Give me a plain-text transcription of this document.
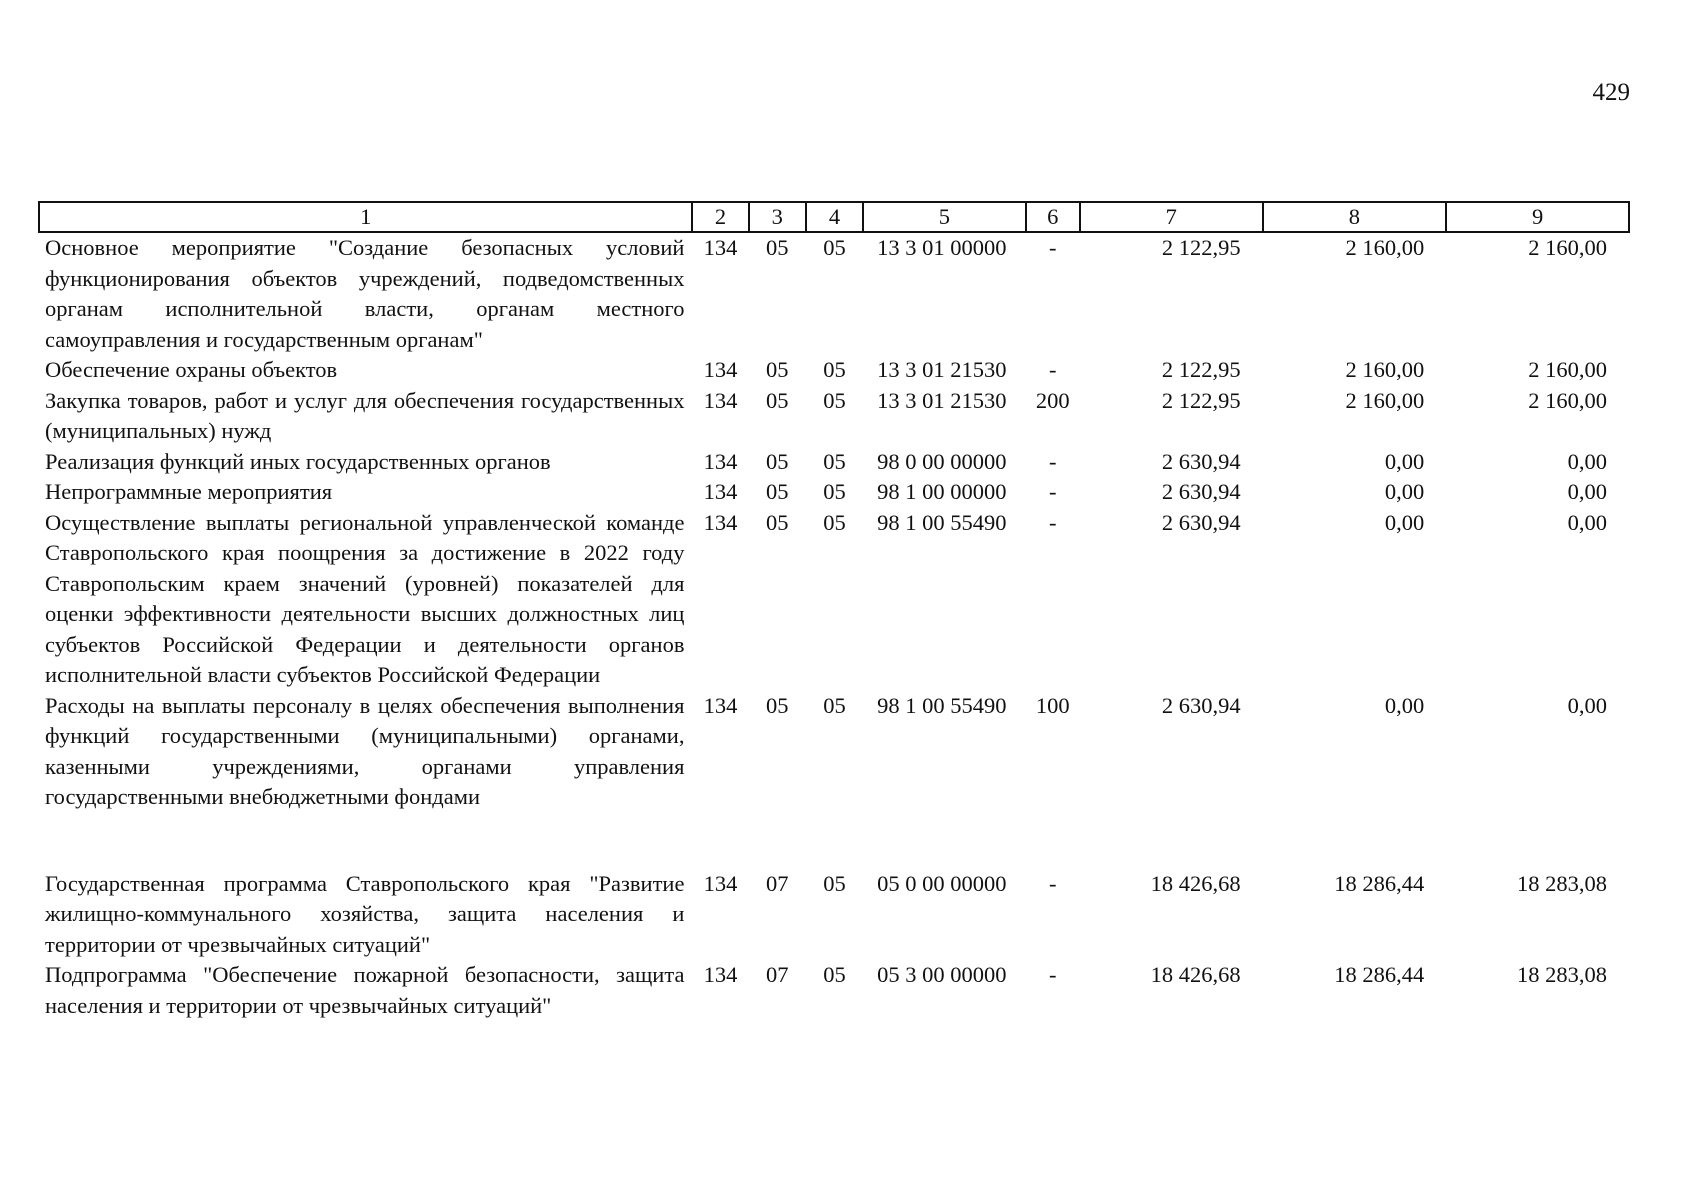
429
1	2	3	4	5	6	7	8	9
Основное мероприятие "Создание безопасных условий функционирования объектов учреждений, подведомственных органам исполнительной власти, органам местного самоуправления и государственным органам"	134	05	05	13 3 01 00000	-	2 122,95	2 160,00	2 160,00
Обеспечение охраны объектов	134	05	05	13 3 01 21530	-	2 122,95	2 160,00	2 160,00
Закупка товаров, работ и услуг для обеспечения государственных (муниципальных) нужд	134	05	05	13 3 01 21530	200	2 122,95	2 160,00	2 160,00
Реализация функций иных государственных органов	134	05	05	98 0 00 00000	-	2 630,94	0,00	0,00
Непрограммные мероприятия	134	05	05	98 1 00 00000	-	2 630,94	0,00	0,00
Осуществление выплаты региональной управленческой команде Ставропольского края поощрения за достижение в 2022 году Ставропольским краем значений (уровней) показателей для оценки эффективности деятельности высших должностных лиц субъектов Российской Федерации и деятельности органов исполнительной власти субъектов Российской Федерации	134	05	05	98 1 00 55490	-	2 630,94	0,00	0,00
Расходы на выплаты персоналу в целях обеспечения выполнения функций государственными (муниципальными) органами, казенными учреждениями, органами управления государственными внебюджетными фондами	134	05	05	98 1 00 55490	100	2 630,94	0,00	0,00

Государственная программа Ставропольского края "Развитие жилищно-коммунального хозяйства, защита населения и территории от чрезвычайных ситуаций"	134	07	05	05 0 00 00000	-	18 426,68	18 286,44	18 283,08
Подпрограмма "Обеспечение пожарной безопасности, защита населения и территории от чрезвычайных ситуаций"	134	07	05	05 3 00 00000	-	18 426,68	18 286,44	18 283,08
